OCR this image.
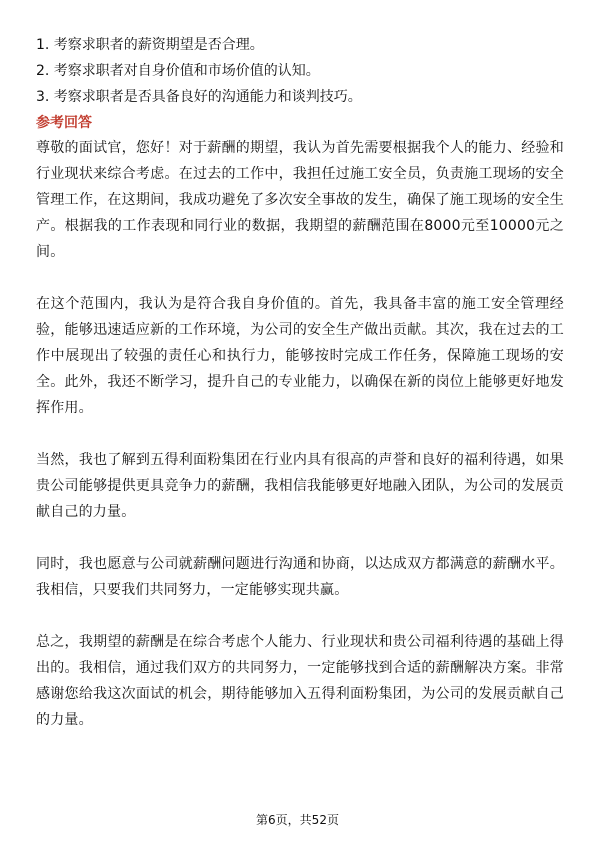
1. 考察求职者的薪资期望是否合理。
2. 考察求职者对自身价值和市场价值的认知。
3. 考察求职者是否具备良好的沟通能力和谈判技巧。
参考回答

尊敬的面试官，您好！对于薪酬的期望，我认为首先需要根据我个人的能力、经验和行业现状来综合考虑。在过去的工作中，我担任过施工安全员，负责施工现场的安全管理工作，在这期间，我成功避免了多次安全事故的发生，确保了施工现场的安全生产。根据我的工作表现和同行业的数据，我期望的薪酬范围在8000元至10000元之间。

在这个范围内，我认为是符合我自身价值的。首先，我具备丰富的施工安全管理经验，能够迅速适应新的工作环境，为公司的安全生产做出贡献。其次，我在过去的工作中展现出了较强的责任心和执行力，能够按时完成工作任务，保障施工现场的安全。此外，我还不断学习，提升自己的专业能力，以确保在新的岗位上能够更好地发挥作用。

当然，我也了解到五得利面粉集团在行业内具有很高的声誉和良好的福利待遇，如果贵公司能够提供更具竞争力的薪酬，我相信我能够更好地融入团队，为公司的发展贡献自己的力量。

同时，我也愿意与公司就薪酬问题进行沟通和协商，以达成双方都满意的薪酬水平。我相信，只要我们共同努力，一定能够实现共赢。

总之，我期望的薪酬是在综合考虑个人能力、行业现状和贵公司福利待遇的基础上得出的。我相信，通过我们双方的共同努力，一定能够找到合适的薪酬解决方案。非常感谢您给我这次面试的机会，期待能够加入五得利面粉集团，为公司的发展贡献自己的力量。

第6页，共52页
